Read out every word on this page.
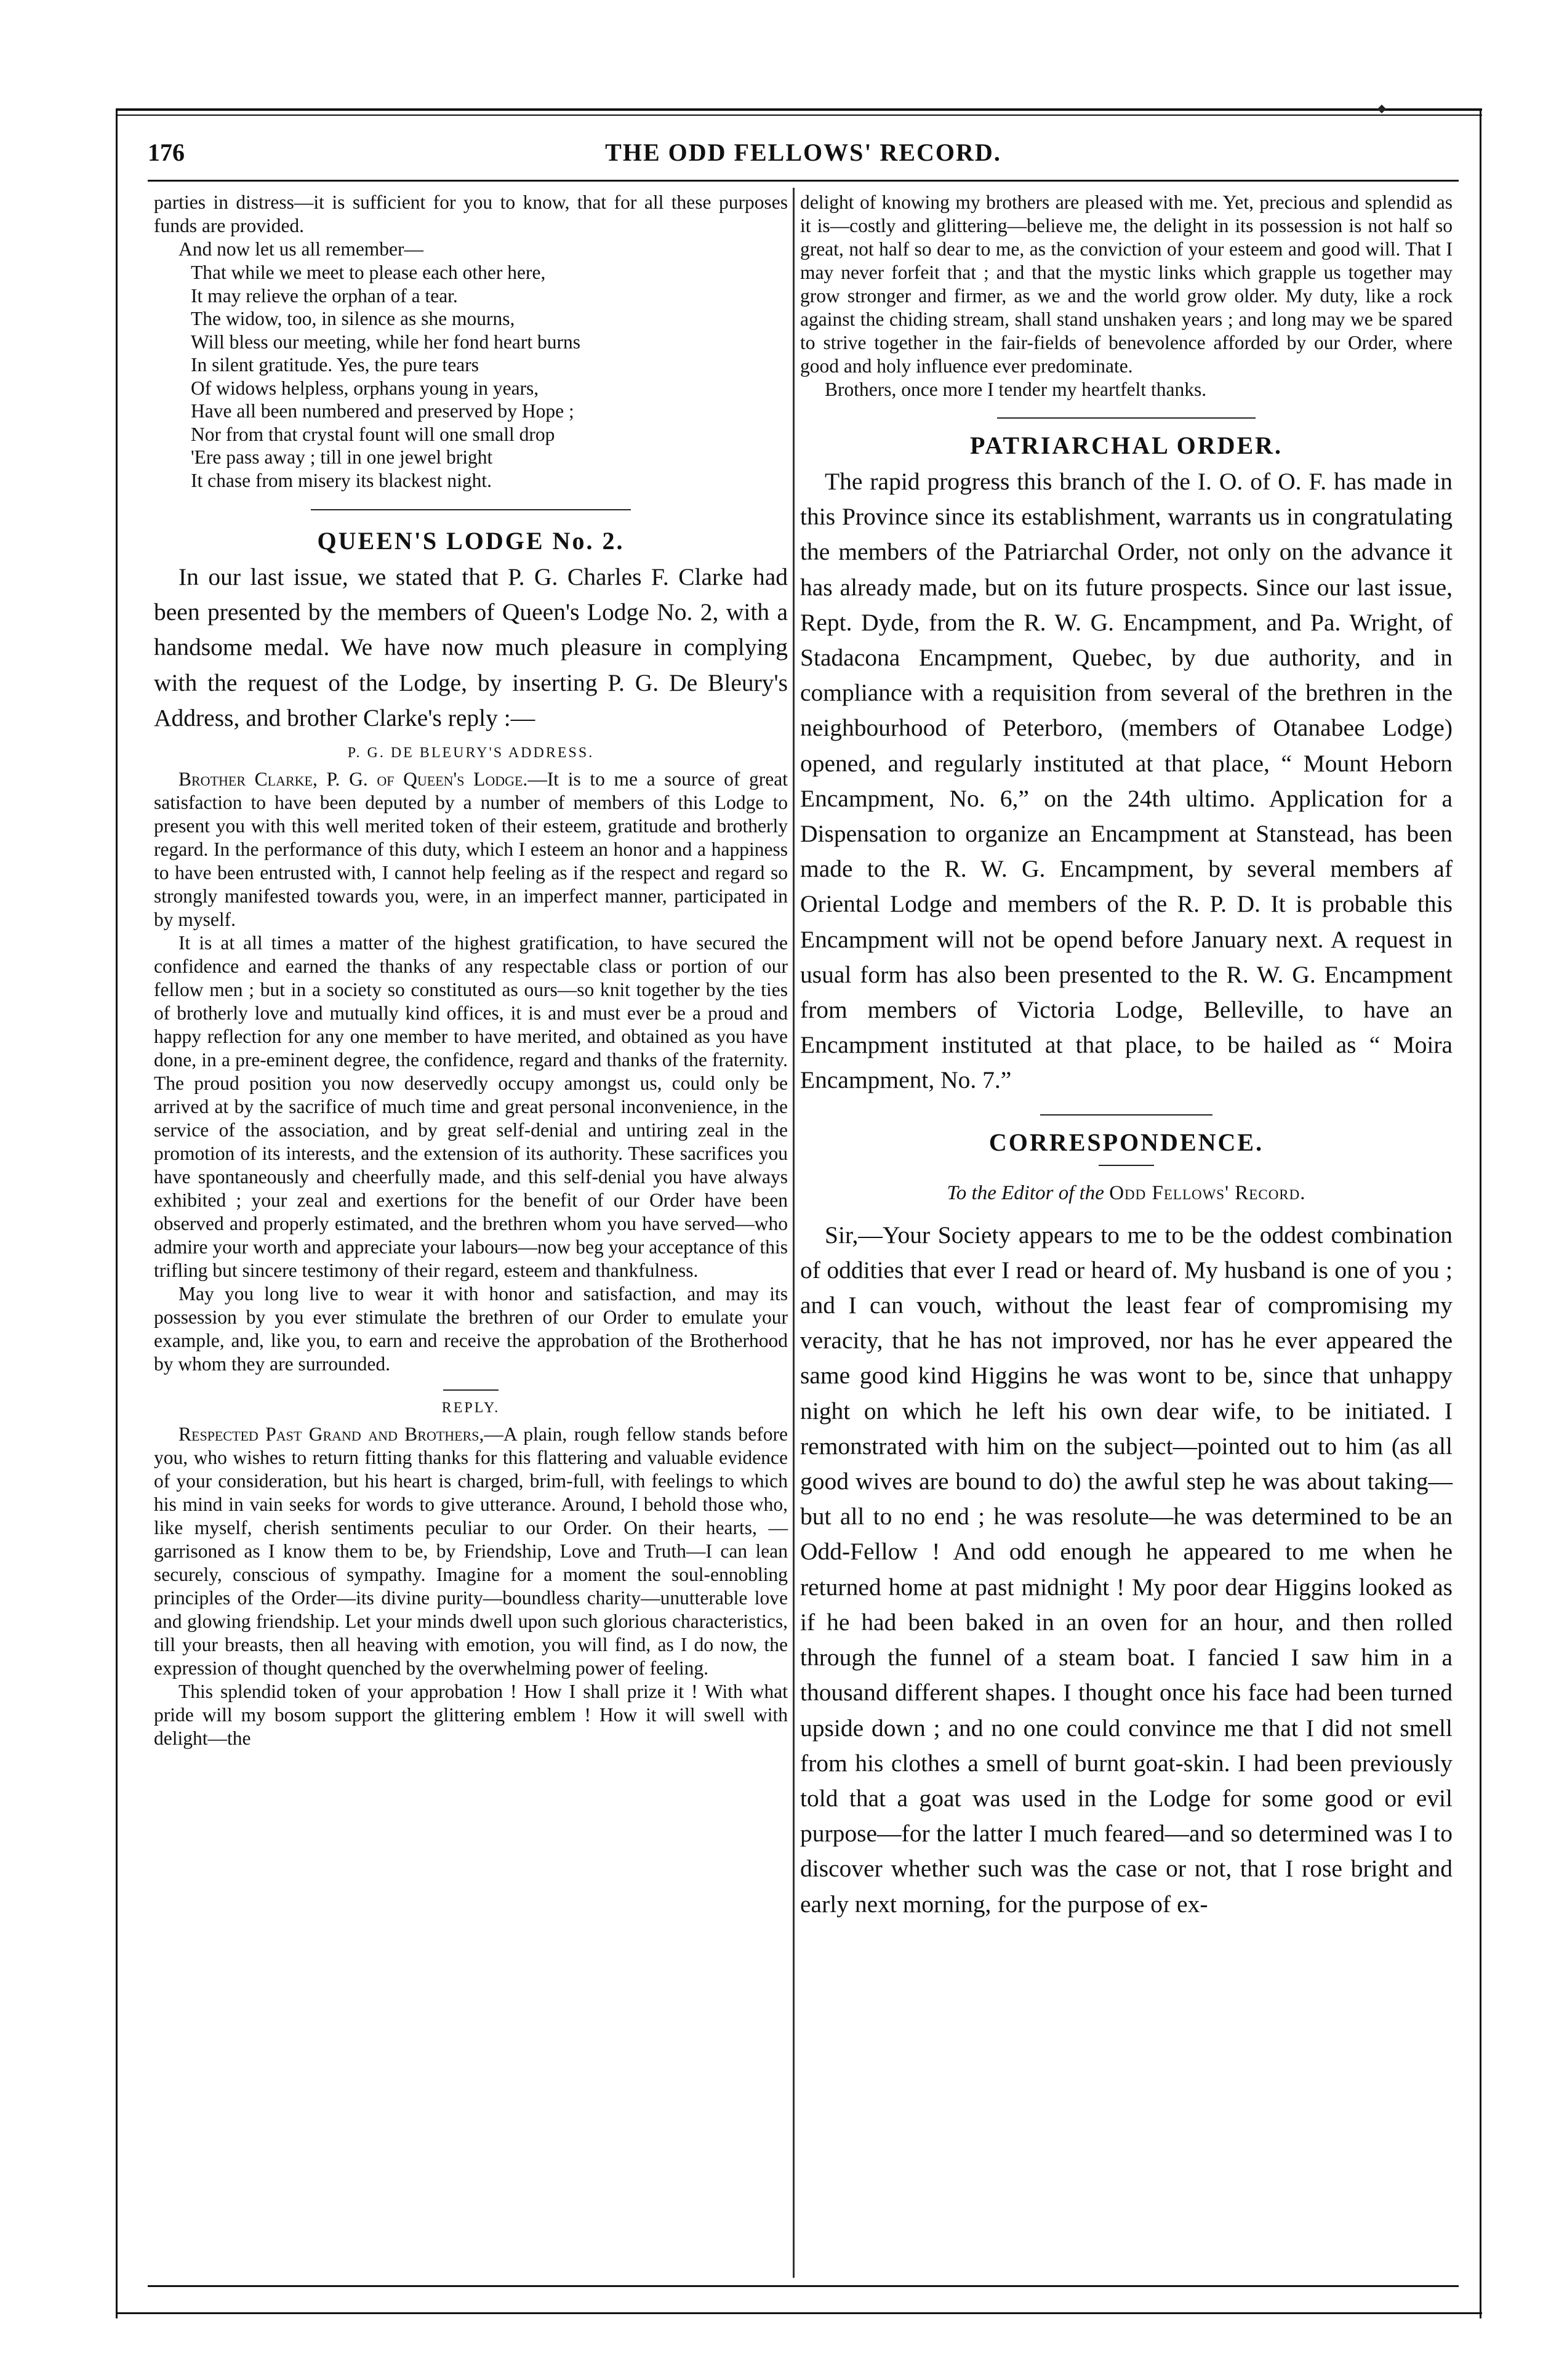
176	THE ODD FELLOWS' RECORD.

parties in distress—it is sufficient for you to know, that for all these purposes funds are provided.

And now let us all remember—

That while we meet to please each other here,

It may relieve the orphan of a tear.

The widow, too, in silence as she mourns,

Will bless our meeting, while her fond heart burns

In silent gratitude. Yes, the pure tears

Of widows helpless, orphans young in years,

Have all been numbered and preserved by Hope ;

Nor from that crystal fount will one small drop

'Ere pass away ; till in one jewel bright

It chase from misery its blackest night.

QUEEN'S LODGE No. 2.

In our last issue, we stated that P. G. Charles F. Clarke had been presented by the members of Queen's Lodge No. 2, with a handsome medal. We have now much pleasure in complying with the request of the Lodge, by inserting P. G. De Bleury's Address, and brother Clarke's reply :—

P. G. DE BLEURY'S ADDRESS.

Brother Clarke, P. G. of Queen's Lodge.—It is to me a source of great satisfaction to have been deputed by a number of members of this Lodge to present you with this well merited token of their esteem, gratitude and brotherly regard. In the performance of this duty, which I esteem an honor and a happiness to have been entrusted with, I cannot help feeling as if the respect and regard so strongly manifested towards you, were, in an imperfect manner, participated in by myself.

It is at all times a matter of the highest gratification, to have secured the confidence and earned the thanks of any respectable class or portion of our fellow men ; but in a society so constituted as ours—so knit together by the ties of brotherly love and mutually kind offices, it is and must ever be a proud and happy reflection for any one member to have merited, and obtained as you have done, in a pre-eminent degree, the confidence, regard and thanks of the fraternity. The proud position you now deservedly occupy amongst us, could only be arrived at by the sacrifice of much time and great personal inconvenience, in the service of the association, and by great self-denial and untiring zeal in the promotion of its interests, and the extension of its authority. These sacrifices you have spontaneously and cheerfully made, and this self-denial you have always exhibited ; your zeal and exertions for the benefit of our Order have been observed and properly estimated, and the brethren whom you have served—who admire your worth and appreciate your labours—now beg your acceptance of this trifling but sincere testimony of their regard, esteem and thankfulness.

May you long live to wear it with honor and satisfaction, and may its possession by you ever stimulate the brethren of our Order to emulate your example, and, like you, to earn and receive the approbation of the Brotherhood by whom they are surrounded.

REPLY.

Respected Past Grand and Brothers,—A plain, rough fellow stands before you, who wishes to return fitting thanks for this flattering and valuable evidence of your consideration, but his heart is charged, brim-full, with feelings to which his mind in vain seeks for words to give utterance. Around, I behold those who, like myself, cherish sentiments peculiar to our Order. On their hearts, —garrisoned as I know them to be, by Friendship, Love and Truth—I can lean securely, conscious of sympathy. Imagine for a moment the soul-ennobling principles of the Order—its divine purity—boundless charity—unutterable love and glowing friendship. Let your minds dwell upon such glorious characteristics, till your breasts, then all heaving with emotion, you will find, as I do now, the expression of thought quenched by the overwhelming power of feeling.

This splendid token of your approbation ! How I shall prize it ! With what pride will my bosom support the glittering emblem ! How it will swell with delight—the

delight of knowing my brothers are pleased with me. Yet, precious and splendid as it is—costly and glittering—believe me, the delight in its possession is not half so great, not half so dear to me, as the conviction of your esteem and good will. That I may never forfeit that ; and that the mystic links which grapple us together may grow stronger and firmer, as we and the world grow older. My duty, like a rock against the chiding stream, shall stand unshaken years ; and long may we be spared to strive together in the fair-fields of benevolence afforded by our Order, where good and holy influence ever predominate.

Brothers, once more I tender my heartfelt thanks.

PATRIARCHAL ORDER.

The rapid progress this branch of the I. O. of O. F. has made in this Province since its establishment, warrants us in congratulating the members of the Patriarchal Order, not only on the advance it has already made, but on its future prospects. Since our last issue, Rept. Dyde, from the R. W. G. Encampment, and Pa. Wright, of Stadacona Encampment, Quebec, by due authority, and in compliance with a requisition from several of the brethren in the neighbourhood of Peterboro, (members of Otanabee Lodge) opened, and regularly instituted at that place, “ Mount Heborn Encampment, No. 6,” on the 24th ultimo. Application for a Dispensation to organize an Encampment at Stanstead, has been made to the R. W. G. Encampment, by several members af Oriental Lodge and members of the R. P. D. It is probable this Encampment will not be opend before January next. A request in usual form has also been presented to the R. W. G. Encampment from members of Victoria Lodge, Belleville, to have an Encampment instituted at that place, to be hailed as “ Moira Encampment, No. 7.”

CORRESPONDENCE.
To the Editor of the Odd Fellows' Record.

Sir,—Your Society appears to me to be the oddest combination of oddities that ever I read or heard of. My husband is one of you ; and I can vouch, without the least fear of compromising my veracity, that he has not improved, nor has he ever appeared the same good kind Higgins he was wont to be, since that unhappy night on which he left his own dear wife, to be initiated. I remonstrated with him on the subject—pointed out to him (as all good wives are bound to do) the awful step he was about taking—but all to no end ; he was resolute—he was determined to be an Odd-Fellow ! And odd enough he appeared to me when he returned home at past midnight ! My poor dear Higgins looked as if he had been baked in an oven for an hour, and then rolled through the funnel of a steam boat. I fancied I saw him in a thousand different shapes. I thought once his face had been turned upside down ; and no one could convince me that I did not smell from his clothes a smell of burnt goat-skin. I had been previously told that a goat was used in the Lodge for some good or evil purpose—for the latter I much feared—and so determined was I to discover whether such was the case or not, that I rose bright and early next morning, for the purpose of ex-
